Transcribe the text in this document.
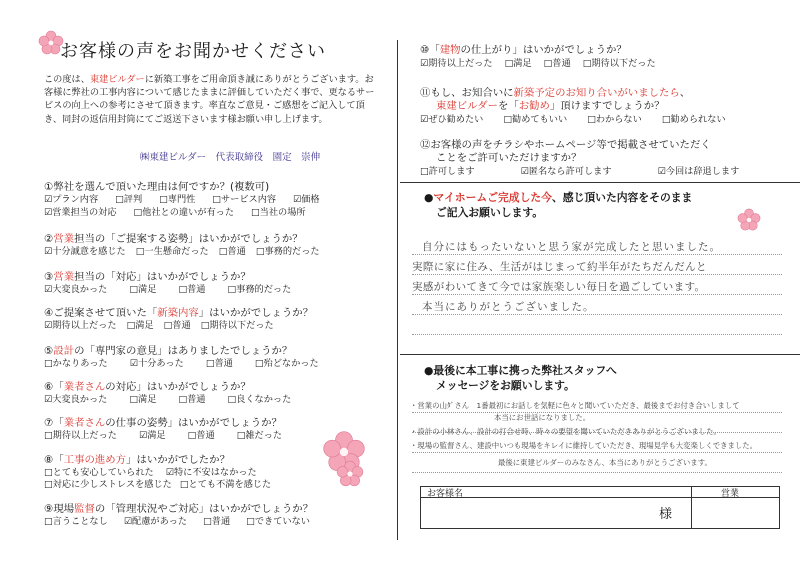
お客様の声をお聞かせください
この度は、東建ビルダーに新築工事をご用命頂き誠にありがとうございます。お客様に弊社の工事内容について感じたままに評価していただく事で、更なるサービスの向上への参考にさせて頂きます。率直なご意見・ご感想をご記入して頂き、同封の返信用封筒にてご返送下さいます様お願い申し上げます。
㈱東建ビルダー　代表取締役　園定　崇伸
①弊社を選んで頂いた理由は何ですか？(複数可)
☑プラン内容 □評判 □専門性 □サービス内容 ☑価格
☑営業担当の対応 □他社との違いが有った □当社の場所
②営業担当の「ご提案する姿勢」はいかがでしょうか？
☑十分誠意を感じた □一生懸命だった □普通 □事務的だった
③営業担当の「対応」はいかがでしょうか？
☑大変良かった □満足 □普通 □事務的だった
④ご提案させて頂いた「新築内容」はいかがでしょうか？
☑期待以上だった □満足 □普通 □期待以下だった
⑤設計の「専門家の意見」はありましたでしょうか？
□かなりあった ☑十分あった □普通 □殆どなかった
⑥「業者さんの対応」はいかがでしょうか？
☑大変良かった □満足 □普通 □良くなかった
⑦「業者さんの仕事の姿勢」はいかがでしょうか？
□期待以上だった ☑満足 □普通 □雑だった
⑧「工事の進め方」はいかがでしたか？
□とても安心していられた ☑特に不安はなかった
□対応に少しストレスを感じた □とても不満を感じた
⑨現場監督の「管理状況やご対応」はいかがでしょうか？
□言うことなし ☑配慮があった □普通 □できていない
⑩「建物の仕上がり」はいかがでしょうか？
☑期待以上だった □満足 □普通 □期待以下だった
⑪もし、お知合いに新築予定のお知り合いがいましたら、
東建ビルダーを「お勧め」頂けますでしょうか？
☑ぜひ勧めたい □勧めてもいい □わからない □勧められない
⑫お客様の声をチラシやホームページ等で掲載させていただく
ことをご許可いただけますか？
□許可します	☑匿名なら許可します	☑今回は辞退します
●マイホームご完成した今、感じ頂いた内容をそのまま
ご記入お願いします。
自分にはもったいないと思う家が完成したと思いました。
実際に家に住み、生活がはじまって約半年がたちだんだんと
実感がわいてきて今では家族楽しい毎日を過ごしています。
本当にありがとうございました。
●最後に本工事に携った弊社スタッフへ
メッセージをお願いします。
・営業の山ﾀﾞさん　1番最初にお話しを気軽に色々と聞いていただき、最後までお付き合いしまして
本当にお世話になりました。
・設計の小林さん、設計の打合せ時、時々の要望を聞いていただきありがとうございました。
・現場の監督さん、建設中いつも現場をキレイに維持していただき、現場見学も大変楽しくできました。
最後に東建ビルダーのみなさん、本当にありがとうございます。
お客様名	営業
様
